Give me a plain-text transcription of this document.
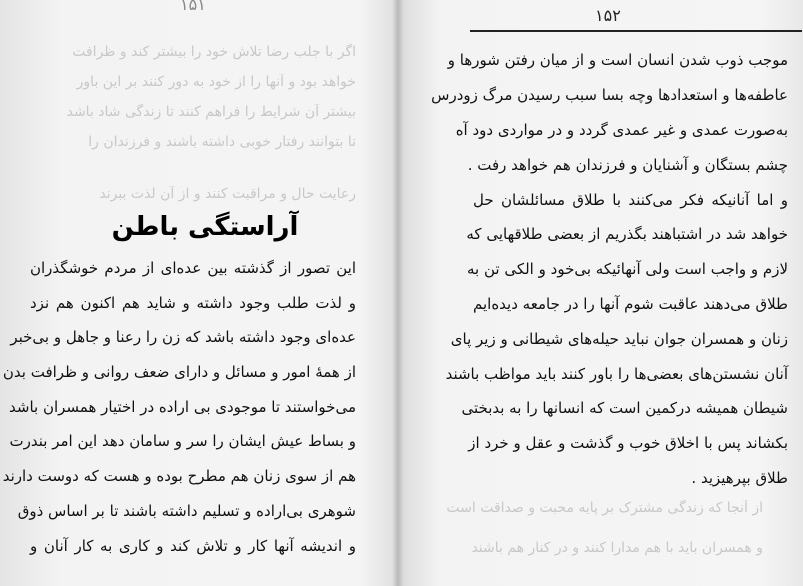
۱۵۱
اگر با جلب رضا تلاش خود را بیشتر کند و ظرافت
خواهد بود و آنها را از خود به دور کنند بر این باور
بیشتر آن شرایط را فراهم کنند تا زندگی شاد باشد
تا بتوانند رفتار خوبی داشته باشند و فرزندان را
رعایت حال و مراقبت کنند و از آن لذت ببرند
آراستگی باطن
این تصور از گذشته بین عده‌ای از مردم خوشگذران
و لذت طلب وجود داشته و شاید هم اکنون هم نزد
عده‌ای وجود داشته باشد که زن را رعنا و جاهل و بی‌خبر
از همهٔ امور و مسائل و دارای ضعف روانی و ظرافت بدن
می‌خواستند تا موجودی بی اراده در اختیار همسران باشد
و بساط عیش ایشان را سر و سامان دهد این امر بندرت
هم از سوی زنان هم مطرح بوده و هست که دوست دارند
شوهری بی‌اراده و تسلیم داشته باشند تا بر اساس ذوق
و اندیشه آنها کار و تلاش کند و کاری به کار آنان و
۱۵۲
موجب ذوب شدن انسان است و از میان رفتن شورها و
عاطفه‌ها و استعدادها وچه بسا سبب رسیدن مرگ زودرس
به‌صورت عمدی و غیر عمدی گردد و در مواردی دود آه
چشم بستگان و آشنایان و فرزندان هم خواهد رفت .
و اما آنانیکه فکر می‌کنند با طلاق مسائلشان حل
خواهد شد در اشتباهند بگذریم از بعضی طلاقهایی که
لازم و واجب است ولی آنهائیکه بی‌خود و الکی تن به
طلاق می‌دهند عاقبت شوم آنها را در جامعه دیده‌ایم
زنان و همسران جوان نباید حیله‌های شیطانی و زیر پای
آنان نشستن‌های بعضی‌ها را باور کنند باید مواظب باشند
شیطان همیشه درکمین است که انسانها را به بدبختی
بکشاند پس با اخلاق خوب و گذشت و عقل و خرد از
طلاق بپرهیزید .
از آنجا که زندگی مشترک بر پایه محبت و صداقت است
و همسران باید با هم مدارا کنند و در کنار هم باشند
